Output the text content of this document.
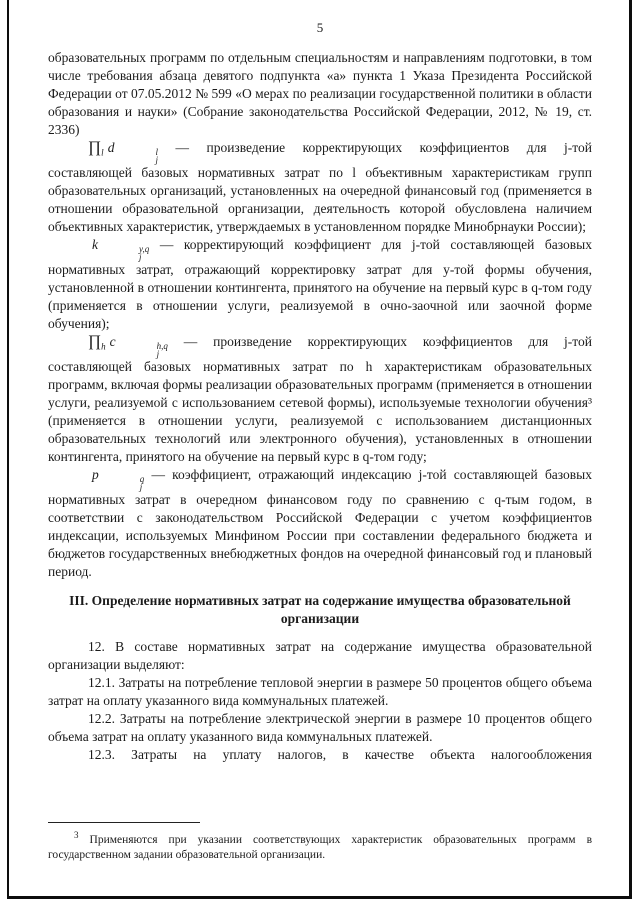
5

образовательных программ по отдельным специальностям и направлениям подготовки, в том числе требования абзаца девятого подпункта «а» пункта 1 Указа Президента Российской Федерации от 07.05.2012 № 599 «О мерах по реализации государственной политики в области образования и науки» (Собрание законодательства Российской Федерации, 2012, № 19, ст. 2336)

$\prod_l$ d	l
j
— произведение корректирующих коэффициентов для j-той составляющей базовых нормативных затрат по l объективным характеристикам групп образовательных организаций, установленных на очередной финансовый год (применяется в отношении образовательной организации, деятельность которой обусловлена наличием объективных характеристик, утверждаемых в установленном порядке Минобрнауки России);

k	у,q
j
— корректирующий коэффициент для j-той составляющей базовых нормативных затрат, отражающий корректировку затрат для у-той формы обучения, установленной в отношении контингента, принятого на обучение на первый курс в q-том году (применяется в отношении услуги, реализуемой в очно-заочной или заочной форме обучения);

$\prod_h$ c	h,q
j
— произведение корректирующих коэффициентов для j-той составляющей базовых нормативных затрат по h характеристикам образовательных программ, включая формы реализации образовательных программ (применяется в отношении услуги, реализуемой с использованием сетевой формы), используемые технологии обучения³ (применяется в отношении услуги, реализуемой с использованием дистанционных образовательных технологий или электронного обучения), установленных в отношении контингента, принятого на обучение на первый курс в q-том году;

p	q
j
— коэффициент, отражающий индексацию j-той составляющей базовых нормативных затрат в очередном финансовом году по сравнению с q-тым годом, в соответствии с законодательством Российской Федерации с учетом коэффициентов индексации, используемых Минфином России при составлении федерального бюджета и бюджетов государственных внебюджетных фондов на очередной финансовый год и плановый период.

III. Определение нормативных затрат на содержание имущества образовательной организации

12. В составе нормативных затрат на содержание имущества образовательной организации выделяют:

12.1. Затраты на потребление тепловой энергии в размере 50 процентов общего объема затрат на оплату указанного вида коммунальных платежей.

12.2. Затраты на потребление электрической энергии в размере 10 процентов общего объема затрат на оплату указанного вида коммунальных платежей.

12.3. Затраты на уплату налогов, в качестве объекта налогообложения

$^3$ Применяются при указании соответствующих характеристик образовательных программ в государственном задании образовательной организации.
